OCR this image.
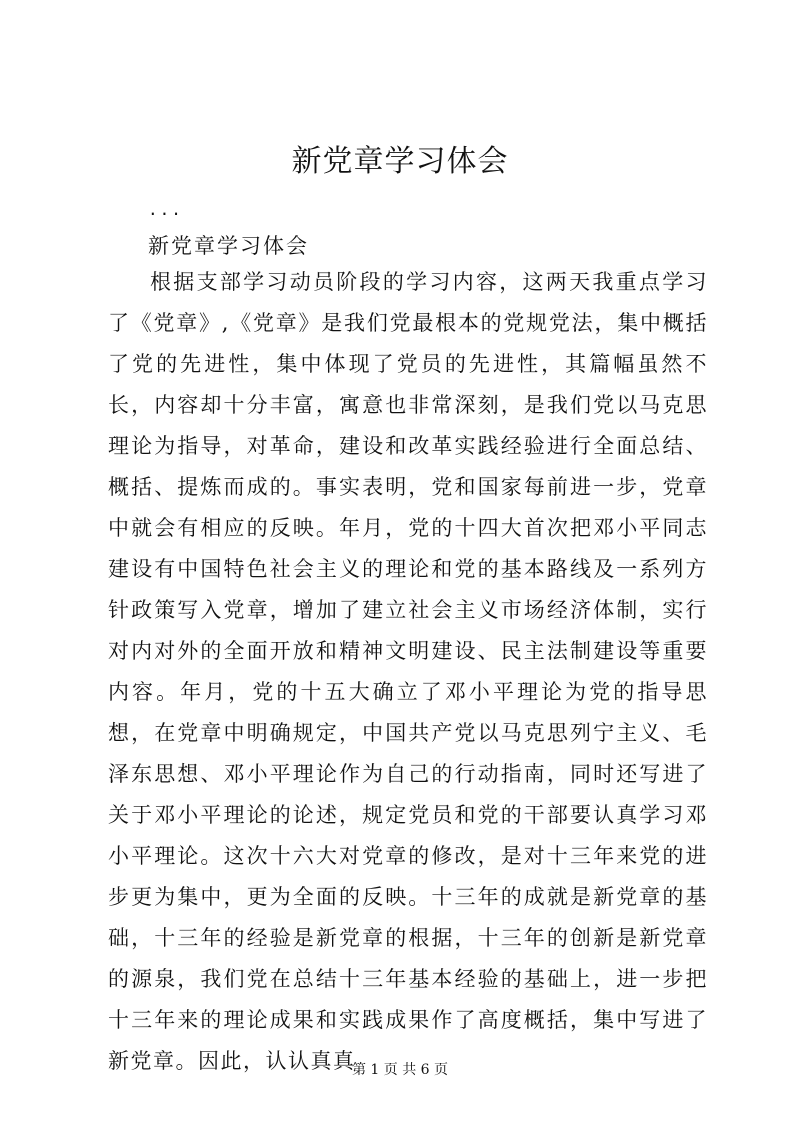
新党章学习体会
...
新党章学习体会

根据支部学习动员阶段的学习内容，这两天我重点学习了《党章》,《党章》是我们党最根本的党规党法，集中概括了党的先进性，集中体现了党员的先进性，其篇幅虽然不长，内容却十分丰富，寓意也非常深刻，是我们党以马克思理论为指导，对革命，建设和改革实践经验进行全面总结、概括、提炼而成的。事实表明，党和国家每前进一步，党章中就会有相应的反映。年月，党的十四大首次把邓小平同志建设有中国特色社会主义的理论和党的基本路线及一系列方针政策写入党章，增加了建立社会主义市场经济体制，实行对内对外的全面开放和精神文明建设、民主法制建设等重要内容。年月，党的十五大确立了邓小平理论为党的指导思想，在党章中明确规定，中国共产党以马克思列宁主义、毛泽东思想、邓小平理论作为自己的行动指南，同时还写进了关于邓小平理论的论述，规定党员和党的干部要认真学习邓小平理论。这次十六大对党章的修改，是对十三年来党的进步更为集中，更为全面的反映。十三年的成就是新党章的基础，十三年的经验是新党章的根据，十三年的创新是新党章的源泉，我们党在总结十三年基本经验的基础上，进一步把十三年来的理论成果和实践成果作了高度概括，集中写进了新党章。因此，认认真真

第 1 页 共 6 页
